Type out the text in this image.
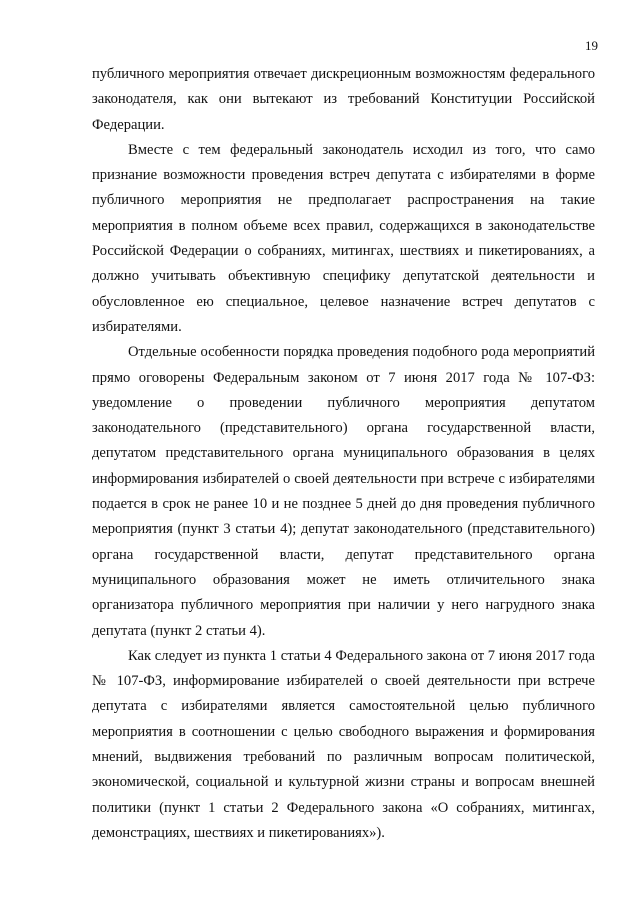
19

публичного мероприятия отвечает дискреционным возможностям федерального законодателя, как они вытекают из требований Конституции Российской Федерации.

Вместе с тем федеральный законодатель исходил из того, что само признание возможности проведения встреч депутата с избирателями в форме публичного мероприятия не предполагает распространения на такие мероприятия в полном объеме всех правил, содержащихся в законодательстве Российской Федерации о собраниях, митингах, шествиях и пикетированиях, а должно учитывать объективную специфику депутатской деятельности и обусловленное ею специальное, целевое назначение встреч депутатов с избирателями.

Отдельные особенности порядка проведения подобного рода мероприятий прямо оговорены Федеральным законом от 7 июня 2017 года № 107-ФЗ: уведомление о проведении публичного мероприятия депутатом законодательного (представительного) органа государственной власти, депутатом представительного органа муниципального образования в целях информирования избирателей о своей деятельности при встрече с избирателями подается в срок не ранее 10 и не позднее 5 дней до дня проведения публичного мероприятия (пункт 3 статьи 4); депутат законодательного (представительного) органа государственной власти, депутат представительного органа муниципального образования может не иметь отличительного знака организатора публичного мероприятия при наличии у него нагрудного знака депутата (пункт 2 статьи 4).

Как следует из пункта 1 статьи 4 Федерального закона от 7 июня 2017 года № 107-ФЗ, информирование избирателей о своей деятельности при встрече депутата с избирателями является самостоятельной целью публичного мероприятия в соотношении с целью свободного выражения и формирования мнений, выдвижения требований по различным вопросам политической, экономической, социальной и культурной жизни страны и вопросам внешней политики (пункт 1 статьи 2 Федерального закона «О собраниях, митингах, демонстрациях, шествиях и пикетированиях»).
